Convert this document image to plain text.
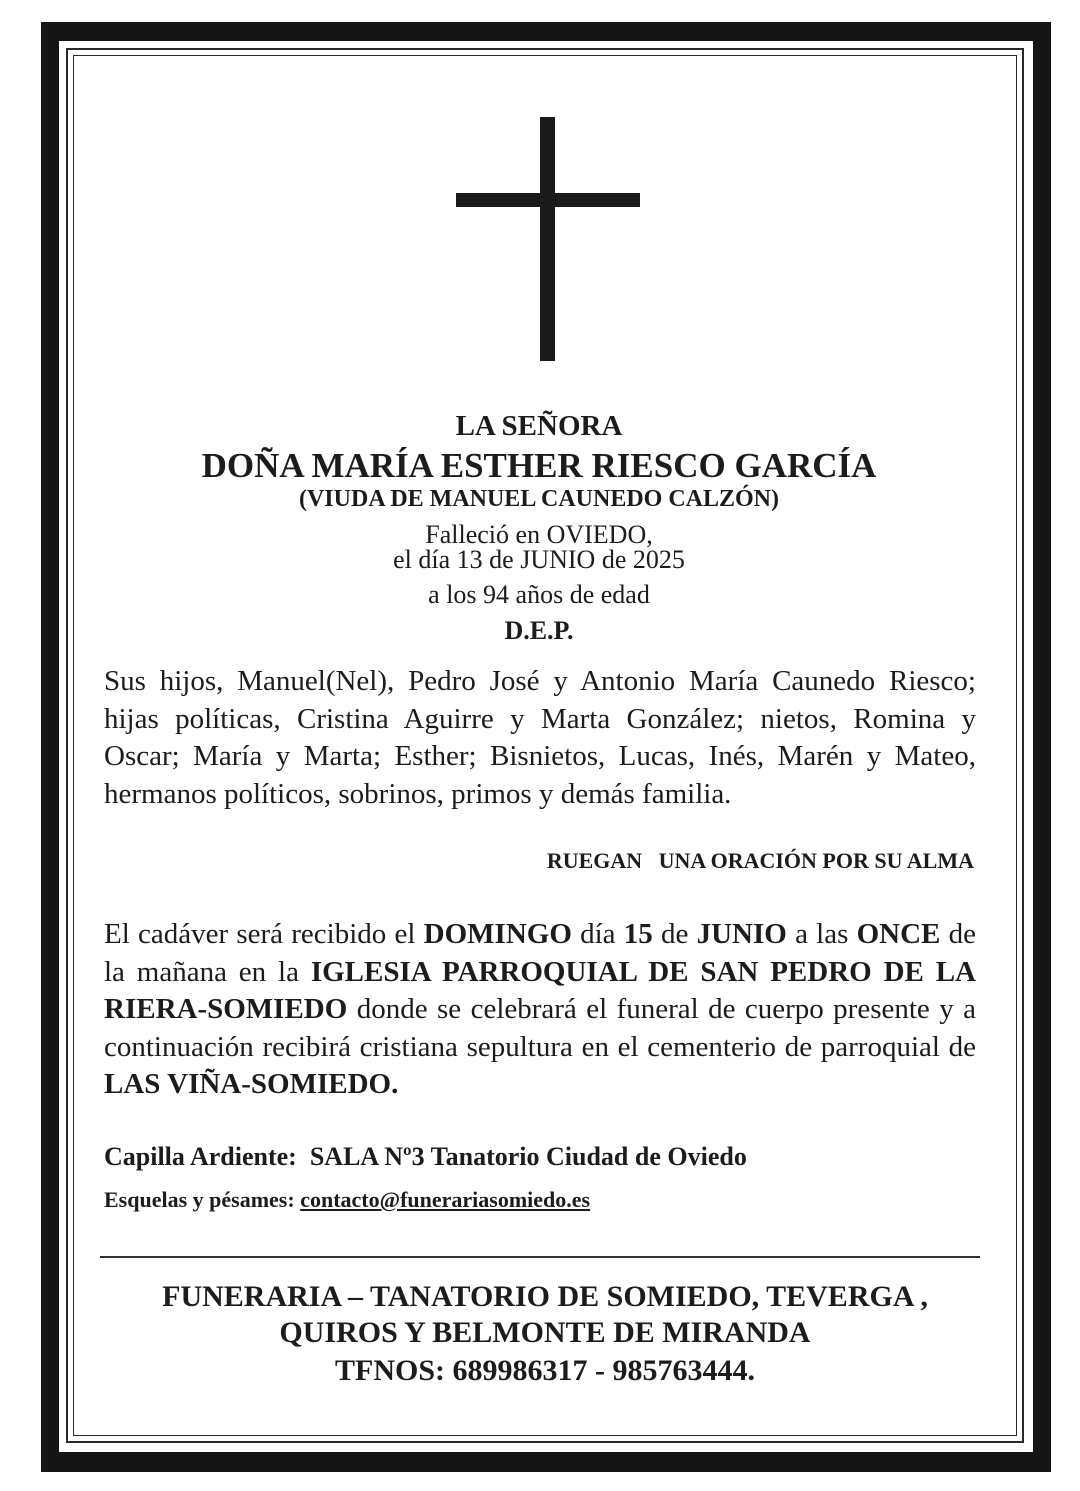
LA SEÑORA
DOÑA MARÍA ESTHER RIESCO GARCÍA
(VIUDA DE MANUEL CAUNEDO CALZÓN)
Falleció en OVIEDO,
el día 13 de JUNIO de 2025
a los 94 años de edad
D.E.P.
Sus hijos, Manuel(Nel), Pedro José y Antonio María Caunedo Riesco; hijas políticas, Cristina Aguirre y Marta González; nietos, Romina y Oscar; María y Marta; Esther; Bisnietos, Lucas, Inés, Marén y Mateo, hermanos políticos, sobrinos, primos y demás familia.
RUEGAN   UNA ORACIÓN POR SU ALMA
El cadáver será recibido el DOMINGO día 15 de JUNIO a las ONCE de la mañana en la IGLESIA PARROQUIAL DE SAN PEDRO DE LA RIERA-SOMIEDO donde se celebrará el funeral de cuerpo presente y a continuación recibirá cristiana sepultura en el cementerio de parroquial de LAS VIÑA-SOMIEDO.
Capilla Ardiente: SALA Nº3 Tanatorio Ciudad de Oviedo
Esquelas y pésames: contacto@funerariasomiedo.es
FUNERARIA – TANATORIO DE SOMIEDO, TEVERGA ,
QUIROS Y BELMONTE DE MIRANDA
TFNOS: 689986317 - 985763444.
